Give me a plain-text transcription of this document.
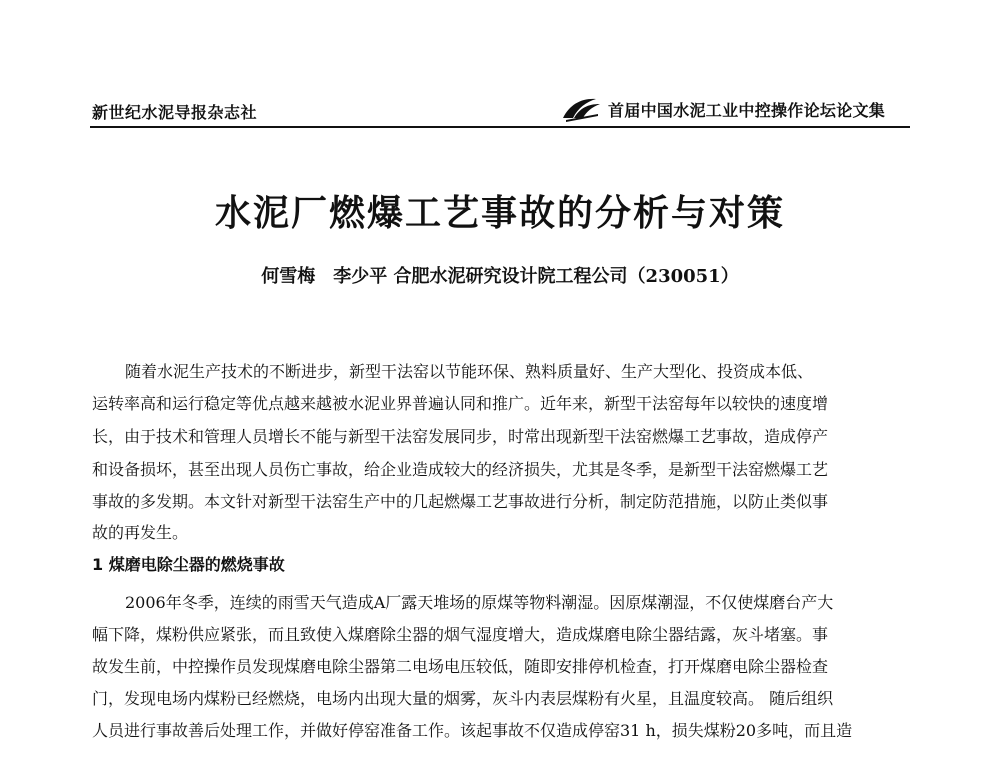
新世纪水泥导报杂志社	首届中国水泥工业中控操作论坛论文集
水泥厂燃爆工艺事故的分析与对策
何雪梅　李少平 合肥水泥研究设计院工程公司（230051）
随着水泥生产技术的不断进步，新型干法窑以节能环保、熟料质量好、生产大型化、投资成本低、
运转率高和运行稳定等优点越来越被水泥业界普遍认同和推广。近年来，新型干法窑每年以较快的速度增
长，由于技术和管理人员增长不能与新型干法窑发展同步，时常出现新型干法窑燃爆工艺事故，造成停产
和设备损坏，甚至出现人员伤亡事故，给企业造成较大的经济损失，尤其是冬季，是新型干法窑燃爆工艺
事故的多发期。本文针对新型干法窑生产中的几起燃爆工艺事故进行分析，制定防范措施，以防止类似事
故的再发生。
1 煤磨电除尘器的燃烧事故
2006年冬季，连续的雨雪天气造成A厂露天堆场的原煤等物料潮湿。因原煤潮湿，不仅使煤磨台产大
幅下降，煤粉供应紧张，而且致使入煤磨除尘器的烟气湿度增大，造成煤磨电除尘器结露，灰斗堵塞。事
故发生前，中控操作员发现煤磨电除尘器第二电场电压较低，随即安排停机检查，打开煤磨电除尘器检查
门，发现电场内煤粉已经燃烧，电场内出现大量的烟雾，灰斗内表层煤粉有火星，且温度较高。 随后组织
人员进行事故善后处理工作，并做好停窑准备工作。该起事故不仅造成停窑31 h，损失煤粉20多吨，而且造
